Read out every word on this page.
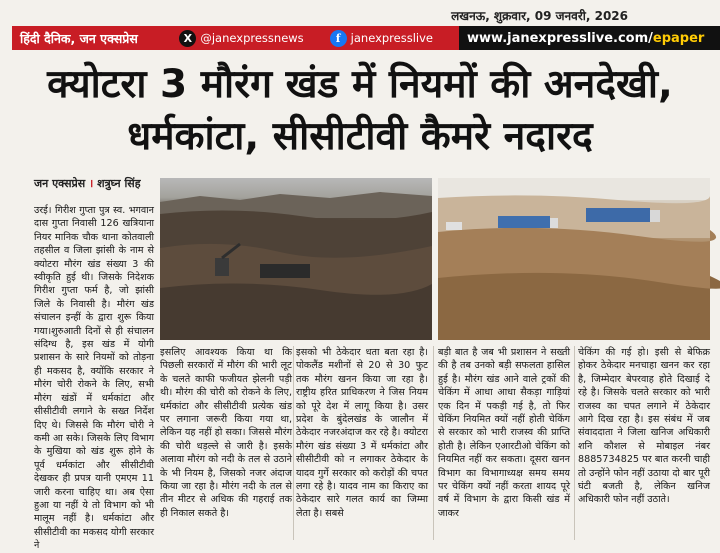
लखनऊ, शुक्रवार, 09 जनवरी, 2026
हिंदी दैनिक, जन एक्सप्रेस	X @janexpressnews	f janexpresslive	www.janexpresslive.com/ epaper
क्योटरा 3 मौरंग खंड में नियमों की अनदेखी,
धर्मकांटा, सीसीटीवी कैमरे नदारद
जन एक्सप्रेस । शत्रुघ्न सिंह
उरई। गिरीश गुप्ता पुत्र स्व. भगवान दास गुप्ता निवासी 126 खत्रियाना नियर मानिक चौक थाना कोतवाली तहसील व जिला झांसी के नाम से क्योटरा मौरंग खंड संख्या 3 की स्वीकृति हुई थी। जिसके निदेशक गिरीश गुप्ता फर्म है, जो झांसी जिले के निवासी है। मौरंग खंड संचालन इन्हीं के द्वारा शुरू किया गया।शुरुआती दिनों से ही संचालन संदिग्ध है, इस खंड में योगी प्रशासन के सारे नियमों को तोड़ना ही मकसद है, क्योंकि सरकार ने मौरंग चोरी रोकने के लिए, सभी मौरंग खंडों में धर्मकांटा और सीसीटीवी लगाने के सख्त निर्देश दिए थे। जिससे कि मौरंग चोरी ने कमी आ सके। जिसके लिए विभाग के मुखिया को खंड शुरू होने के पूर्व धर्मकांटा और सीसीटीवी देखकर ही प्रपत्र यानी एमएम 11 जारी करना चाहिए था। अब ऐसा हुआ या नहीं ये तो विभाग को भी मालूम नहीं है। धर्मकांटा और सीसीटीवी का मकसद योगी सरकार ने
इसलिए आवश्यक किया था कि पिछली सरकारों में मौरंग की भारी लूट के चलते काफी फजीयत झेलनी पड़ी थी। मौरंग की चोरी को रोकने के लिए, धर्मकांटा और सीसीटीवी प्रत्येक खंड पर लगाना जरूरी किया गया था, लेकिन यह नहीं हो सका। जिससे मौरंग की चोरी धड़ल्ले से जारी है। इसके अलावा मौरंग को नदी के तल से उठाने के भी नियम है, जिसको नजर अंदाज किया जा रहा है। मौरंग नदी के तल से तीन मीटर से अधिक की गहराई तक ही निकाल सकते है।
इसको भी ठेकेदार धता बता रहा है। पोकलैंड मशीनों से 20 से 30 फुट तक मौरंग खनन किया जा रहा है। राष्ट्रीय हरित प्राधिकरण ने जिस नियम को पूरे देश में लागू किया है। उसर प्रदेश के बुंदेलखंड के जालौन में ठेकेदार नजरअंदाज कर रहे है। क्योटरा मौरंग खंड संख्या 3 में धर्मकांटा और सीसीटीवी को न लगाकर ठेकेदार के यादव गुर्गे सरकार को करोड़ों की चपत लगा रहे है। यादव नाम का किराए का ठेकेदार सारे गलत कार्य का जिम्मा लेता है। सबसे
बड़ी बात है जब भी प्रशासन ने सख्ती की है तब उनको बड़ी सफलता हासिल हुई है। मौरंग खंड आने वाले ट्रकों की चेकिंग में आधा आधा सैकड़ा गाड़ियां एक दिन में पकड़ी गई है, तो फिर चेकिंग नियमित क्यों नहीं होती चेकिंग से सरकार को भारी राजस्व की प्राप्ति होती है। लेकिन एआरटीओ चेकिंग को नियमित नहीं कर सकता। दूसरा खनन विभाग का विभागाध्यक्ष समय समय पर चेकिंग क्यों नहीं करता शायद पूरे वर्ष में विभाग के द्वारा किसी खंड में जाकर
चेकिंग की गई हो। इसी से बेफिक्र होकर ठेकेदार मनचाहा खनन कर रहा है, जिम्मेदार बेपरवाह होते दिखाई दे रहे है। जिसके चलते सरकार को भारी राजस्व का चपत लगाने में ठेकेदार आगे दिख रहा है। इस संबंध में जब संवाददाता ने जिला खनिज अधिकारी शनि कौशल से मोबाइल नंबर 8885734825 पर बात करनी चाही तो उन्होंने फोन नहीं उठाया दो बार पूरी घंटी बजती है, लेकिन खनिज अधिकारी फोन नहीं उठाते।
